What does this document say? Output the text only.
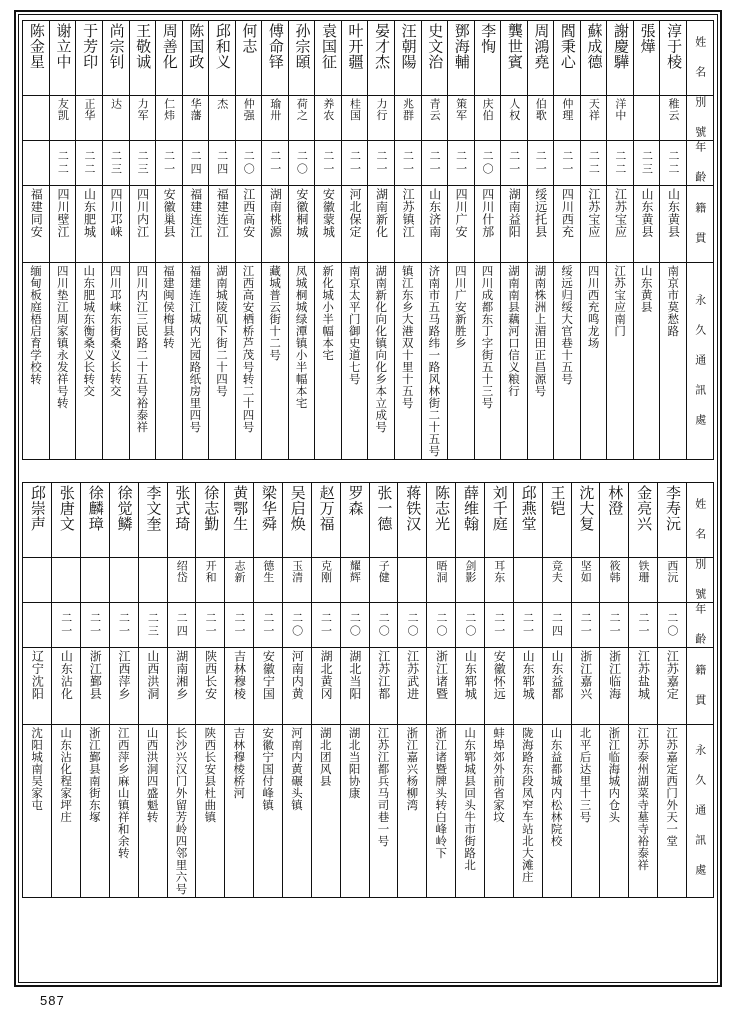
姓 名	淳于棱	張燁	謝慶驊	蘇成德	閻秉心	周鴻堯	龔世賓	李恂	鄧海輔	史文治	汪朝陽	晏才杰	叶开疆	袁国征	孙宗頣	傅命铎	何志	邱和义	陈国政	周善化	王敬诚	尚宗钊	于芳印	谢立中	陈金星

別 號	稚云		洋中	天祥	仲理	伯歌	人权	庆伯	策军	青云	兆群	力行	桂国	养农	荷之	瑜卅	仲强	杰	华藩	仁炜	力军	达	正华	友凯	

年 齡	二二	二三	二二	二二	二一	二一	二一	二〇	二一	二一	二一	二一	二一	二一	二〇	二一	二〇	二四	二四	二一	二三	二三	二二	二二	

籍 貫	山东黄县	山东黄县	江苏宝应	江苏宝应	四川西充	绥远托县	湖南益阳	四川什邡	四川广安	山东济南	江苏镇江	湖南新化	河北保定	安徽蒙城	安徽桐城	湖南桃源	江西高安	福建连江	福建连江	安徽巢县	四川内江	四川邛崃	山东肥城	四川壁江	福建同安

永 久 通 訊 處	南京市莫愁路	山东黄县	江苏宝应南门	四川西充鸣龙场	绥远归绥大官巷十五号	湖南株洲上湄田正昌源号	湖南南县藕河口信义粮行	四川成都东丁字街五十三号	四川广安新胜乡	济南市五马路纬一路风林街二十五号	镇江东乡大港双十里十五号	湖南新化向化镇向化乡本立成号	南京太平门御史道七号	新化城小半幅本宅	凤城桐城绿潭镇小半幅本宅	藏城普云街十二号	江西高安栖桥芦茂号转二十四号	湖南城陵矶下街二十四号	福建连江城内光园路纸房里四号	福建闽侯梅县转	四川内江三民路二十五号裕泰祥	四川邛崃东街桑义长转交	山东肥城东衡桑义长转交	四川垫江周家镇永发祥号转	缅甸板庭梧启育学校转
姓 名	李寿沅	金亮兴	林澄	沈大复	王铠	邱燕堂	刘千庭	薛维翰	陈志光	蒋铁汉	张一德	罗森	赵万福	吴启焕	梁华舜	黄鄂生	徐志勤	张式琦	李文奎	徐觉鳞	徐麟璋	张唐文	邱崇声

別 號	西沅	铁珊	筱韩	坚如	竞夫		耳东	剑影	晤洞		子健	耀辉	克刚	玉清	德生	志新	开和	绍岱					

年 齡	二〇	二一	二一	二一	二四	二一	二一	二〇	二〇	二〇	二〇	二〇	二一	二〇	二一	二一	二一	二四	二三	二一	二一	二一	

籍 貫	江苏嘉定	江苏盐城	浙江临海	浙江嘉兴	山东益都	山东郓城	安徽怀远	山东郓城	浙江诸暨	江苏武进	江苏江都	湖北当阳	湖北黄冈	河南内黄	安徽宁国	吉林穆棱	陕西长安	湖南湘乡	山西洪洞	江西萍乡	浙江鄞县	山东沾化	辽宁沈阳

永 久 通 訊 處	江苏嘉定西门外天一堂	江苏泰州湖菜寺墓寺裕泰祥	浙江临海城内仓头	北平后达里十三号	山东益都城内松林院校	陇海路东段凤窄车站北大滩庄	蚌埠郊外前省家坟	山东郓城县回头牛市街路北	浙江诸暨牌头转白峰岭下	浙江嘉兴杨柳湾	江苏江都兵马司巷一号	湖北当阳协康	湖北团风县	河南内黄碾头镇	安徽宁国付峰镇	吉林穆棱桥河	陕西长安县杜曲镇	长沙兴汉门外留芳岭四邻里六号	山西洪洞四盛魁转	江西萍乡麻山镇祥和余转	浙江鄞县南街东塚	山东沾化程家坪庄	沈阳城南吴家屯
587
